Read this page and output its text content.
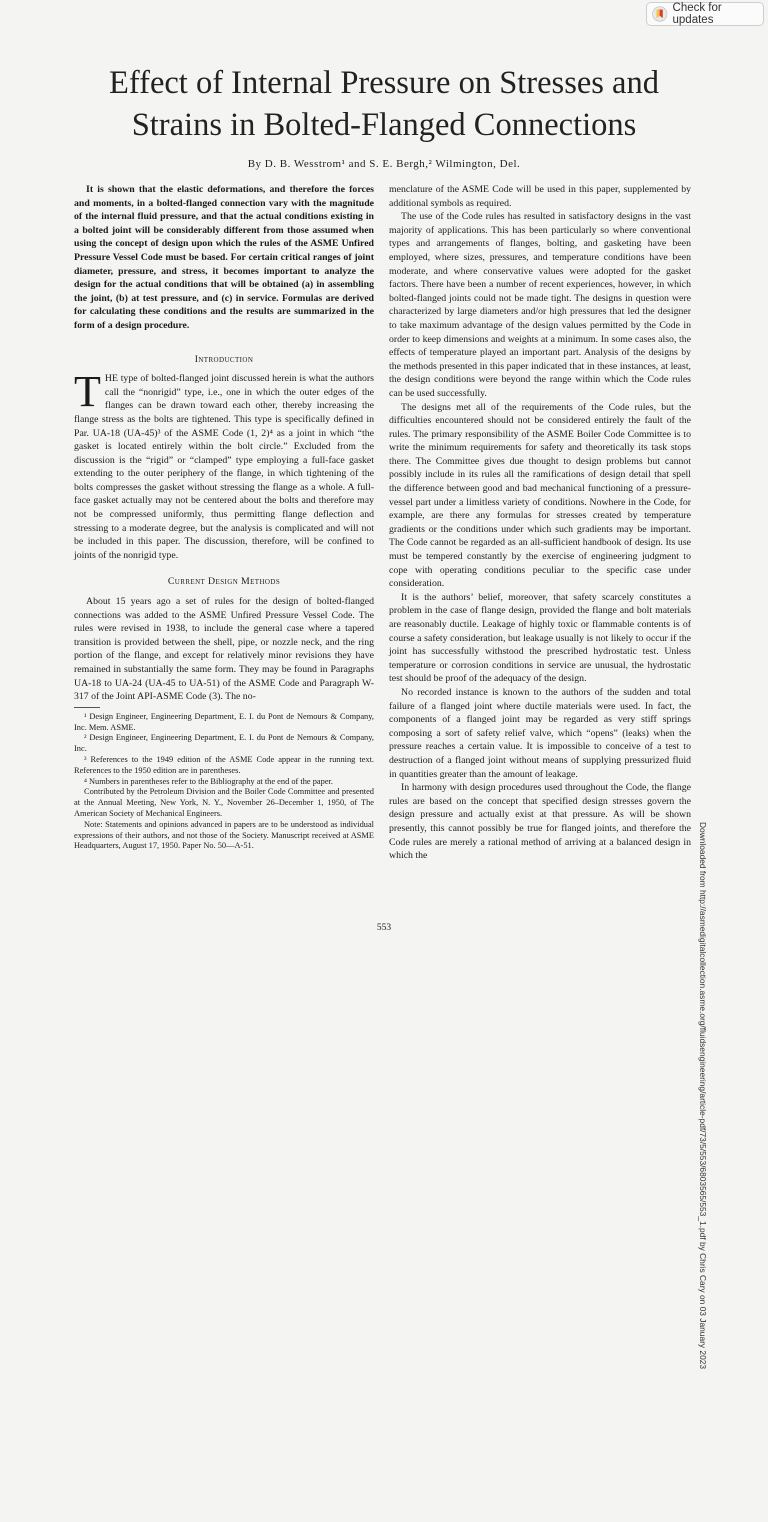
Check for updates
Effect of Internal Pressure on Stresses and
Strains in Bolted-Flanged Connections
By D. B. Wesstrom¹ and S. E. Bergh,² Wilmington, Del.

It is shown that the elastic deformations, and therefore the forces and moments, in a bolted-flanged connection vary with the magnitude of the internal fluid pressure, and that the actual conditions existing in a bolted joint will be considerably different from those assumed when using the concept of design upon which the rules of the ASME Unfired Pressure Vessel Code must be based. For certain critical ranges of joint diameter, pressure, and stress, it becomes important to analyze the design for the actual conditions that will be obtained (a) in assembling the joint, (b) at test pressure, and (c) in service. Formulas are derived for calculating these conditions and the results are summarized in the form of a design procedure.

Introduction

THE type of bolted-flanged joint discussed herein is what the authors call the “nonrigid” type, i.e., one in which the outer edges of the flanges can be drawn toward each other, thereby increasing the flange stress as the bolts are tightened. This type is specifically defined in Par. UA-18 (UA-45)³ of the ASME Code (1, 2)⁴ as a joint in which “the gasket is located entirely within the bolt circle.” Excluded from the discussion is the “rigid” or “clamped” type employing a full-face gasket extending to the outer periphery of the flange, in which tightening of the bolts compresses the gasket without stressing the flange as a whole. A full-face gasket actually may not be centered about the bolts and therefore may not be compressed uniformly, thus permitting flange deflection and stressing to a moderate degree, but the analysis is complicated and will not be included in this paper. The discussion, therefore, will be confined to joints of the nonrigid type.

Current Design Methods

About 15 years ago a set of rules for the design of bolted-flanged connections was added to the ASME Unfired Pressure Vessel Code. The rules were revised in 1938, to include the general case where a tapered transition is provided between the shell, pipe, or nozzle neck, and the ring portion of the flange, and except for relatively minor revisions they have remained in substantially the same form. They may be found in Paragraphs UA-18 to UA-24 (UA-45 to UA-51) of the ASME Code and Paragraph W-317 of the Joint API-ASME Code (3). The no-

¹ Design Engineer, Engineering Department, E. I. du Pont de Nemours & Company, Inc. Mem. ASME.

² Design Engineer, Engineering Department, E. I. du Pont de Nemours & Company, Inc.

³ References to the 1949 edition of the ASME Code appear in the running text. References to the 1950 edition are in parentheses.

⁴ Numbers in parentheses refer to the Bibliography at the end of the paper.

Contributed by the Petroleum Division and the Boiler Code Committee and presented at the Annual Meeting, New York, N. Y., November 26–December 1, 1950, of The American Society of Mechanical Engineers.

Note: Statements and opinions advanced in papers are to be understood as individual expressions of their authors, and not those of the Society. Manuscript received at ASME Headquarters, August 17, 1950. Paper No. 50—A-51.

menclature of the ASME Code will be used in this paper, supplemented by additional symbols as required.

The use of the Code rules has resulted in satisfactory designs in the vast majority of applications. This has been particularly so where conventional types and arrangements of flanges, bolting, and gasketing have been employed, where sizes, pressures, and temperature conditions have been moderate, and where conservative values were adopted for the gasket factors. There have been a number of recent experiences, however, in which bolted-flanged joints could not be made tight. The designs in question were characterized by large diameters and/or high pressures that led the designer to take maximum advantage of the design values permitted by the Code in order to keep dimensions and weights at a minimum. In some cases also, the effects of temperature played an important part. Analysis of the designs by the methods presented in this paper indicated that in these instances, at least, the design conditions were beyond the range within which the Code rules can be used successfully.

The designs met all of the requirements of the Code rules, but the difficulties encountered should not be considered entirely the fault of the rules. The primary responsibility of the ASME Boiler Code Committee is to write the minimum requirements for safety and theoretically its task stops there. The Committee gives due thought to design problems but cannot possibly include in its rules all the ramifications of design detail that spell the difference between good and bad mechanical functioning of a pressure-vessel part under a limitless variety of conditions. Nowhere in the Code, for example, are there any formulas for stresses created by temperature gradients or the conditions under which such gradients may be important. The Code cannot be regarded as an all-sufficient handbook of design. Its use must be tempered constantly by the exercise of engineering judgment to cope with operating conditions peculiar to the specific case under consideration.

It is the authors’ belief, moreover, that safety scarcely constitutes a problem in the case of flange design, provided the flange and bolt materials are reasonably ductile. Leakage of highly toxic or flammable contents is of course a safety consideration, but leakage usually is not likely to occur if the joint has successfully withstood the prescribed hydrostatic test. Unless temperature or corrosion conditions in service are unusual, the hydrostatic test should be proof of the adequacy of the design.

No recorded instance is known to the authors of the sudden and total failure of a flanged joint where ductile materials were used. In fact, the components of a flanged joint may be regarded as very stiff springs composing a sort of safety relief valve, which “opens” (leaks) when the pressure reaches a certain value. It is impossible to conceive of a test to destruction of a flanged joint without means of supplying pressurized fluid in quantities greater than the amount of leakage.

In harmony with design procedures used throughout the Code, the flange rules are based on the concept that specified design stresses govern the design pressure and actually exist at that pressure. As will be shown presently, this cannot possibly be true for flanged joints, and therefore the Code rules are merely a rational method of arriving at a balanced design in which the

553	Downloaded from http://asmedigitalcollection.asme.org/fluidsengineering/article-pdf/73/5/553/6803565/553_1.pdf by Chris Cary on 03 January 2023
